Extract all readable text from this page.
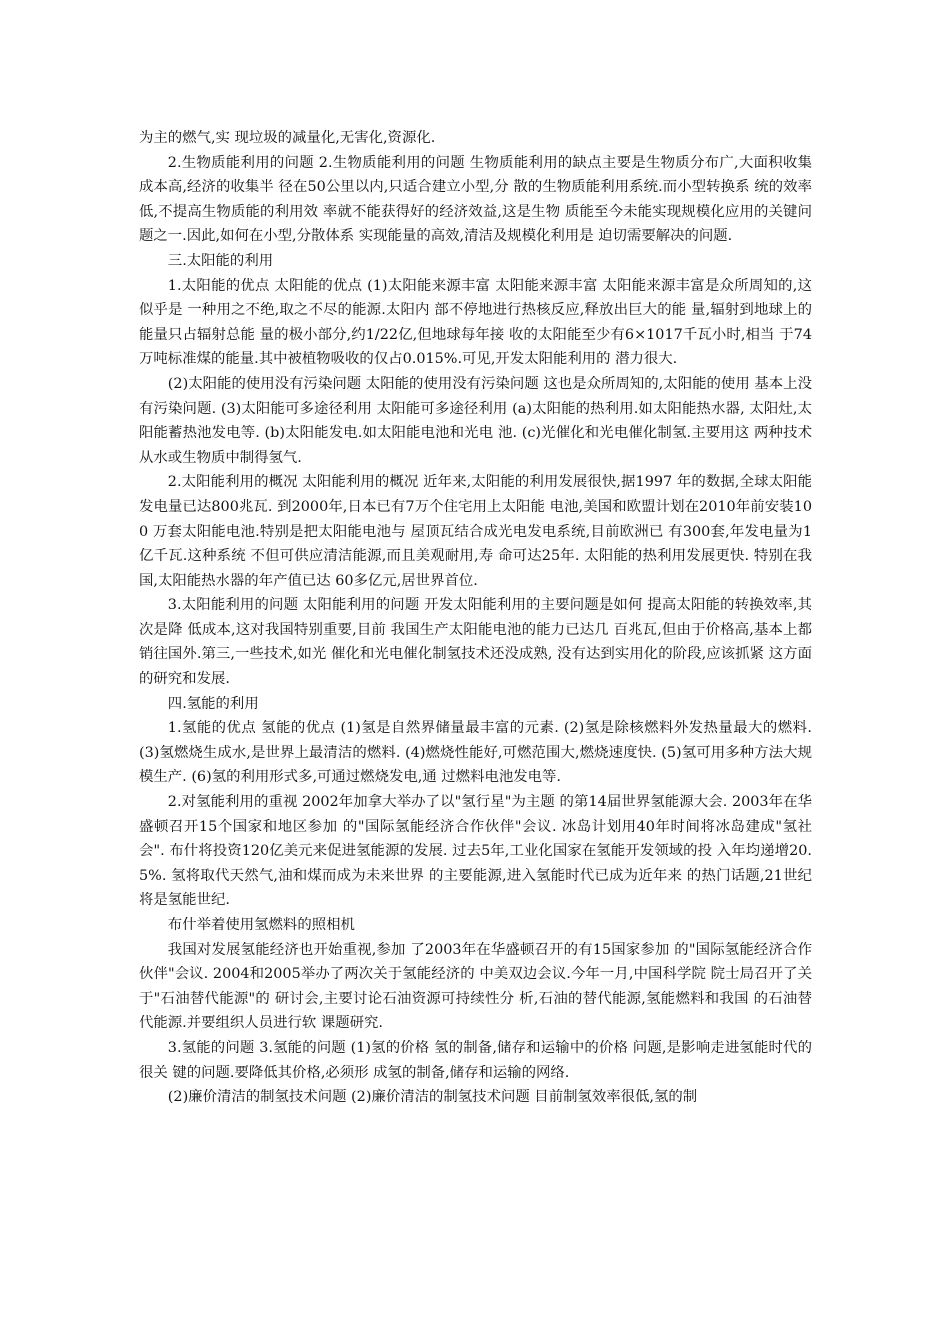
为主的燃气,实 现垃圾的减量化,无害化,资源化.

2.生物质能利用的问题 2.生物质能利用的问题 生物质能利用的缺点主要是生物质分布广,大面积收集成本高,经济的收集半 径在50公里以内,只适合建立小型,分 散的生物质能利用系统.而小型转换系 统的效率低,不提高生物质能的利用效 率就不能获得好的经济效益,这是生物 质能至今未能实现规模化应用的关键问 题之一.因此,如何在小型,分散体系 实现能量的高效,清洁及规模化利用是 迫切需要解决的问题.

三.太阳能的利用

1.太阳能的优点 太阳能的优点 (1)太阳能来源丰富 太阳能来源丰富 太阳能来源丰富是众所周知的,这似乎是 一种用之不绝,取之不尽的能源.太阳内 部不停地进行热核反应,释放出巨大的能 量,辐射到地球上的能量只占辐射总能 量的极小部分,约1/22亿,但地球每年接 收的太阳能至少有6×1017千瓦小时,相当 于74万吨标准煤的能量.其中被植物吸收的仅占0.015%.可见,开发太阳能利用的 潜力很大.

(2)太阳能的使用没有污染问题 太阳能的使用没有污染问题 这也是众所周知的,太阳能的使用 基本上没有污染问题. (3)太阳能可多途径利用 太阳能可多途径利用 (a)太阳能的热利用.如太阳能热水器, 太阳灶,太阳能蓄热池发电等. (b)太阳能发电.如太阳能电池和光电 池. (c)光催化和光电催化制氢.主要用这 两种技术从水或生物质中制得氢气.

2.太阳能利用的概况 太阳能利用的概况 近年来,太阳能的利用发展很快,据1997 年的数据,全球太阳能发电量已达800兆瓦. 到2000年,日本已有7万个住宅用上太阳能 电池,美国和欧盟计划在2010年前安装100 万套太阳能电池.特别是把太阳能电池与 屋顶瓦结合成光电发电系统,目前欧洲已 有300套,年发电量为1亿千瓦.这种系统 不但可供应清洁能源,而且美观耐用,寿 命可达25年. 太阳能的热利用发展更快. 特别在我国,太阳能热水器的年产值已达 60多亿元,居世界首位.

3.太阳能利用的问题 太阳能利用的问题 开发太阳能利用的主要问题是如何 提高太阳能的转换效率,其次是降 低成本,这对我国特别重要,目前 我国生产太阳能电池的能力已达几 百兆瓦,但由于价格高,基本上都 销往国外.第三,一些技术,如光 催化和光电催化制氢技术还没成熟, 没有达到实用化的阶段,应该抓紧 这方面的研究和发展.

四.氢能的利用

1.氢能的优点 氢能的优点 (1)氢是自然界储量最丰富的元素. (2)氢是除核燃料外发热量最大的燃料. (3)氢燃烧生成水,是世界上最清洁的燃料. (4)燃烧性能好,可燃范围大,燃烧速度快. (5)氢可用多种方法大规模生产. (6)氢的利用形式多,可通过燃烧发电,通 过燃料电池发电等.

2.对氢能利用的重视 2002年加拿大举办了以"氢行星"为主题 的第14届世界氢能源大会. 2003年在华盛顿召开15个国家和地区参加 的"国际氢能经济合作伙伴"会议. 冰岛计划用40年时间将冰岛建成"氢社 会". 布什将投资120亿美元来促进氢能源的发展. 过去5年,工业化国家在氢能开发领域的投 入年均递增20.5%. 氢将取代天然气,油和煤而成为未来世界 的主要能源,进入氢能时代已成为近年来 的热门话题,21世纪将是氢能世纪.

布什举着使用氢燃料的照相机

我国对发展氢能经济也开始重视,参加 了2003年在华盛顿召开的有15国家参加 的"国际氢能经济合作伙伴"会议. 2004和2005举办了两次关于氢能经济的 中美双边会议.今年一月,中国科学院 院士局召开了关于"石油替代能源"的 研讨会,主要讨论石油资源可持续性分 析,石油的替代能源,氢能燃料和我国 的石油替代能源.并要组织人员进行软 课题研究.

3.氢能的问题 3.氢能的问题 (1)氢的价格 氢的制备,储存和运输中的价格 问题,是影响走进氢能时代的很关 键的问题.要降低其价格,必须形 成氢的制备,储存和运输的网络.

(2)廉价清洁的制氢技术问题 (2)廉价清洁的制氢技术问题 目前制氢效率很低,氢的制
